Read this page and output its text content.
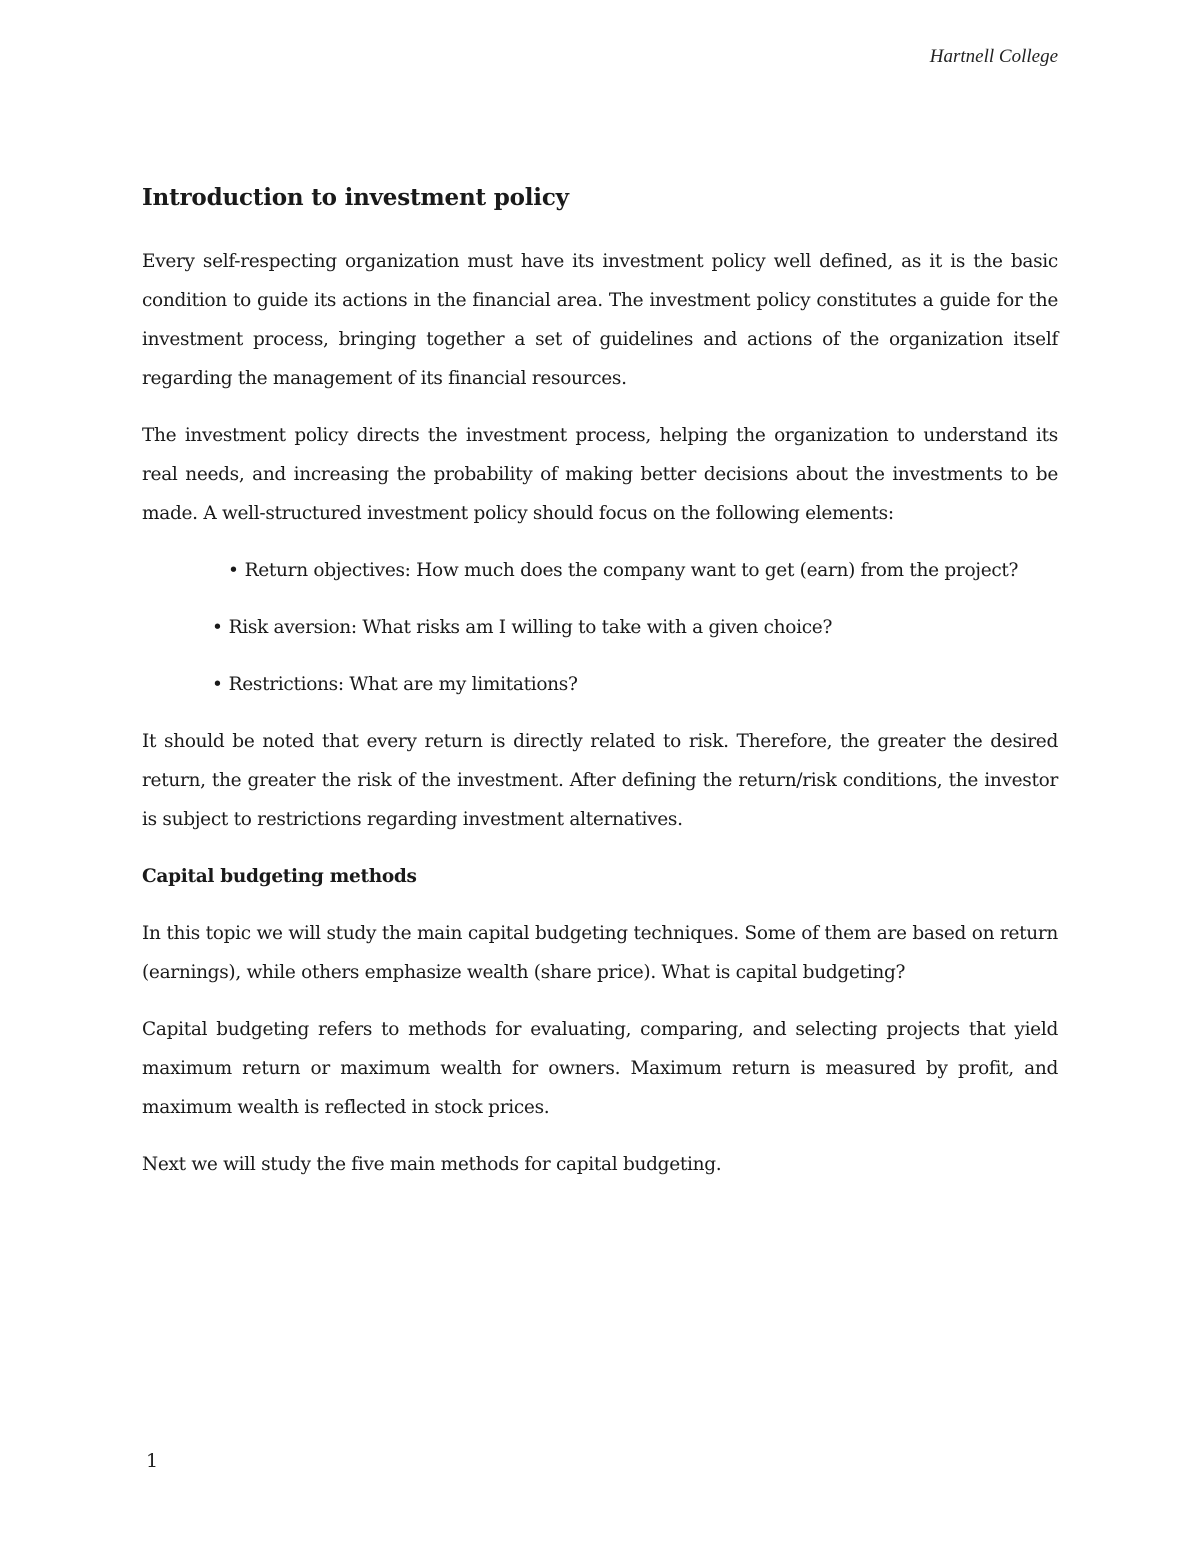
Hartnell College
Introduction to investment policy

Every self-respecting organization must have its investment policy well defined, as it is the basic condition to guide its actions in the financial area. The investment policy constitutes a guide for the investment process, bringing together a set of guidelines and actions of the organization itself regarding the management of its financial resources.

The investment policy directs the investment process, helping the organization to understand its real needs, and increasing the probability of making better decisions about the investments to be made. A well-structured investment policy should focus on the following elements:

• Return objectives: How much does the company want to get (earn) from the project?
• Risk aversion: What risks am I willing to take with a given choice?
• Restrictions: What are my limitations?

It should be noted that every return is directly related to risk. Therefore, the greater the desired return, the greater the risk of the investment. After defining the return/risk conditions, the investor is subject to restrictions regarding investment alternatives.

Capital budgeting methods

In this topic we will study the main capital budgeting techniques. Some of them are based on return (earnings), while others emphasize wealth (share price). What is capital budgeting?

Capital budgeting refers to methods for evaluating, comparing, and selecting projects that yield maximum return or maximum wealth for owners. Maximum return is measured by profit, and maximum wealth is reflected in stock prices.

Next we will study the five main methods for capital budgeting.

1
